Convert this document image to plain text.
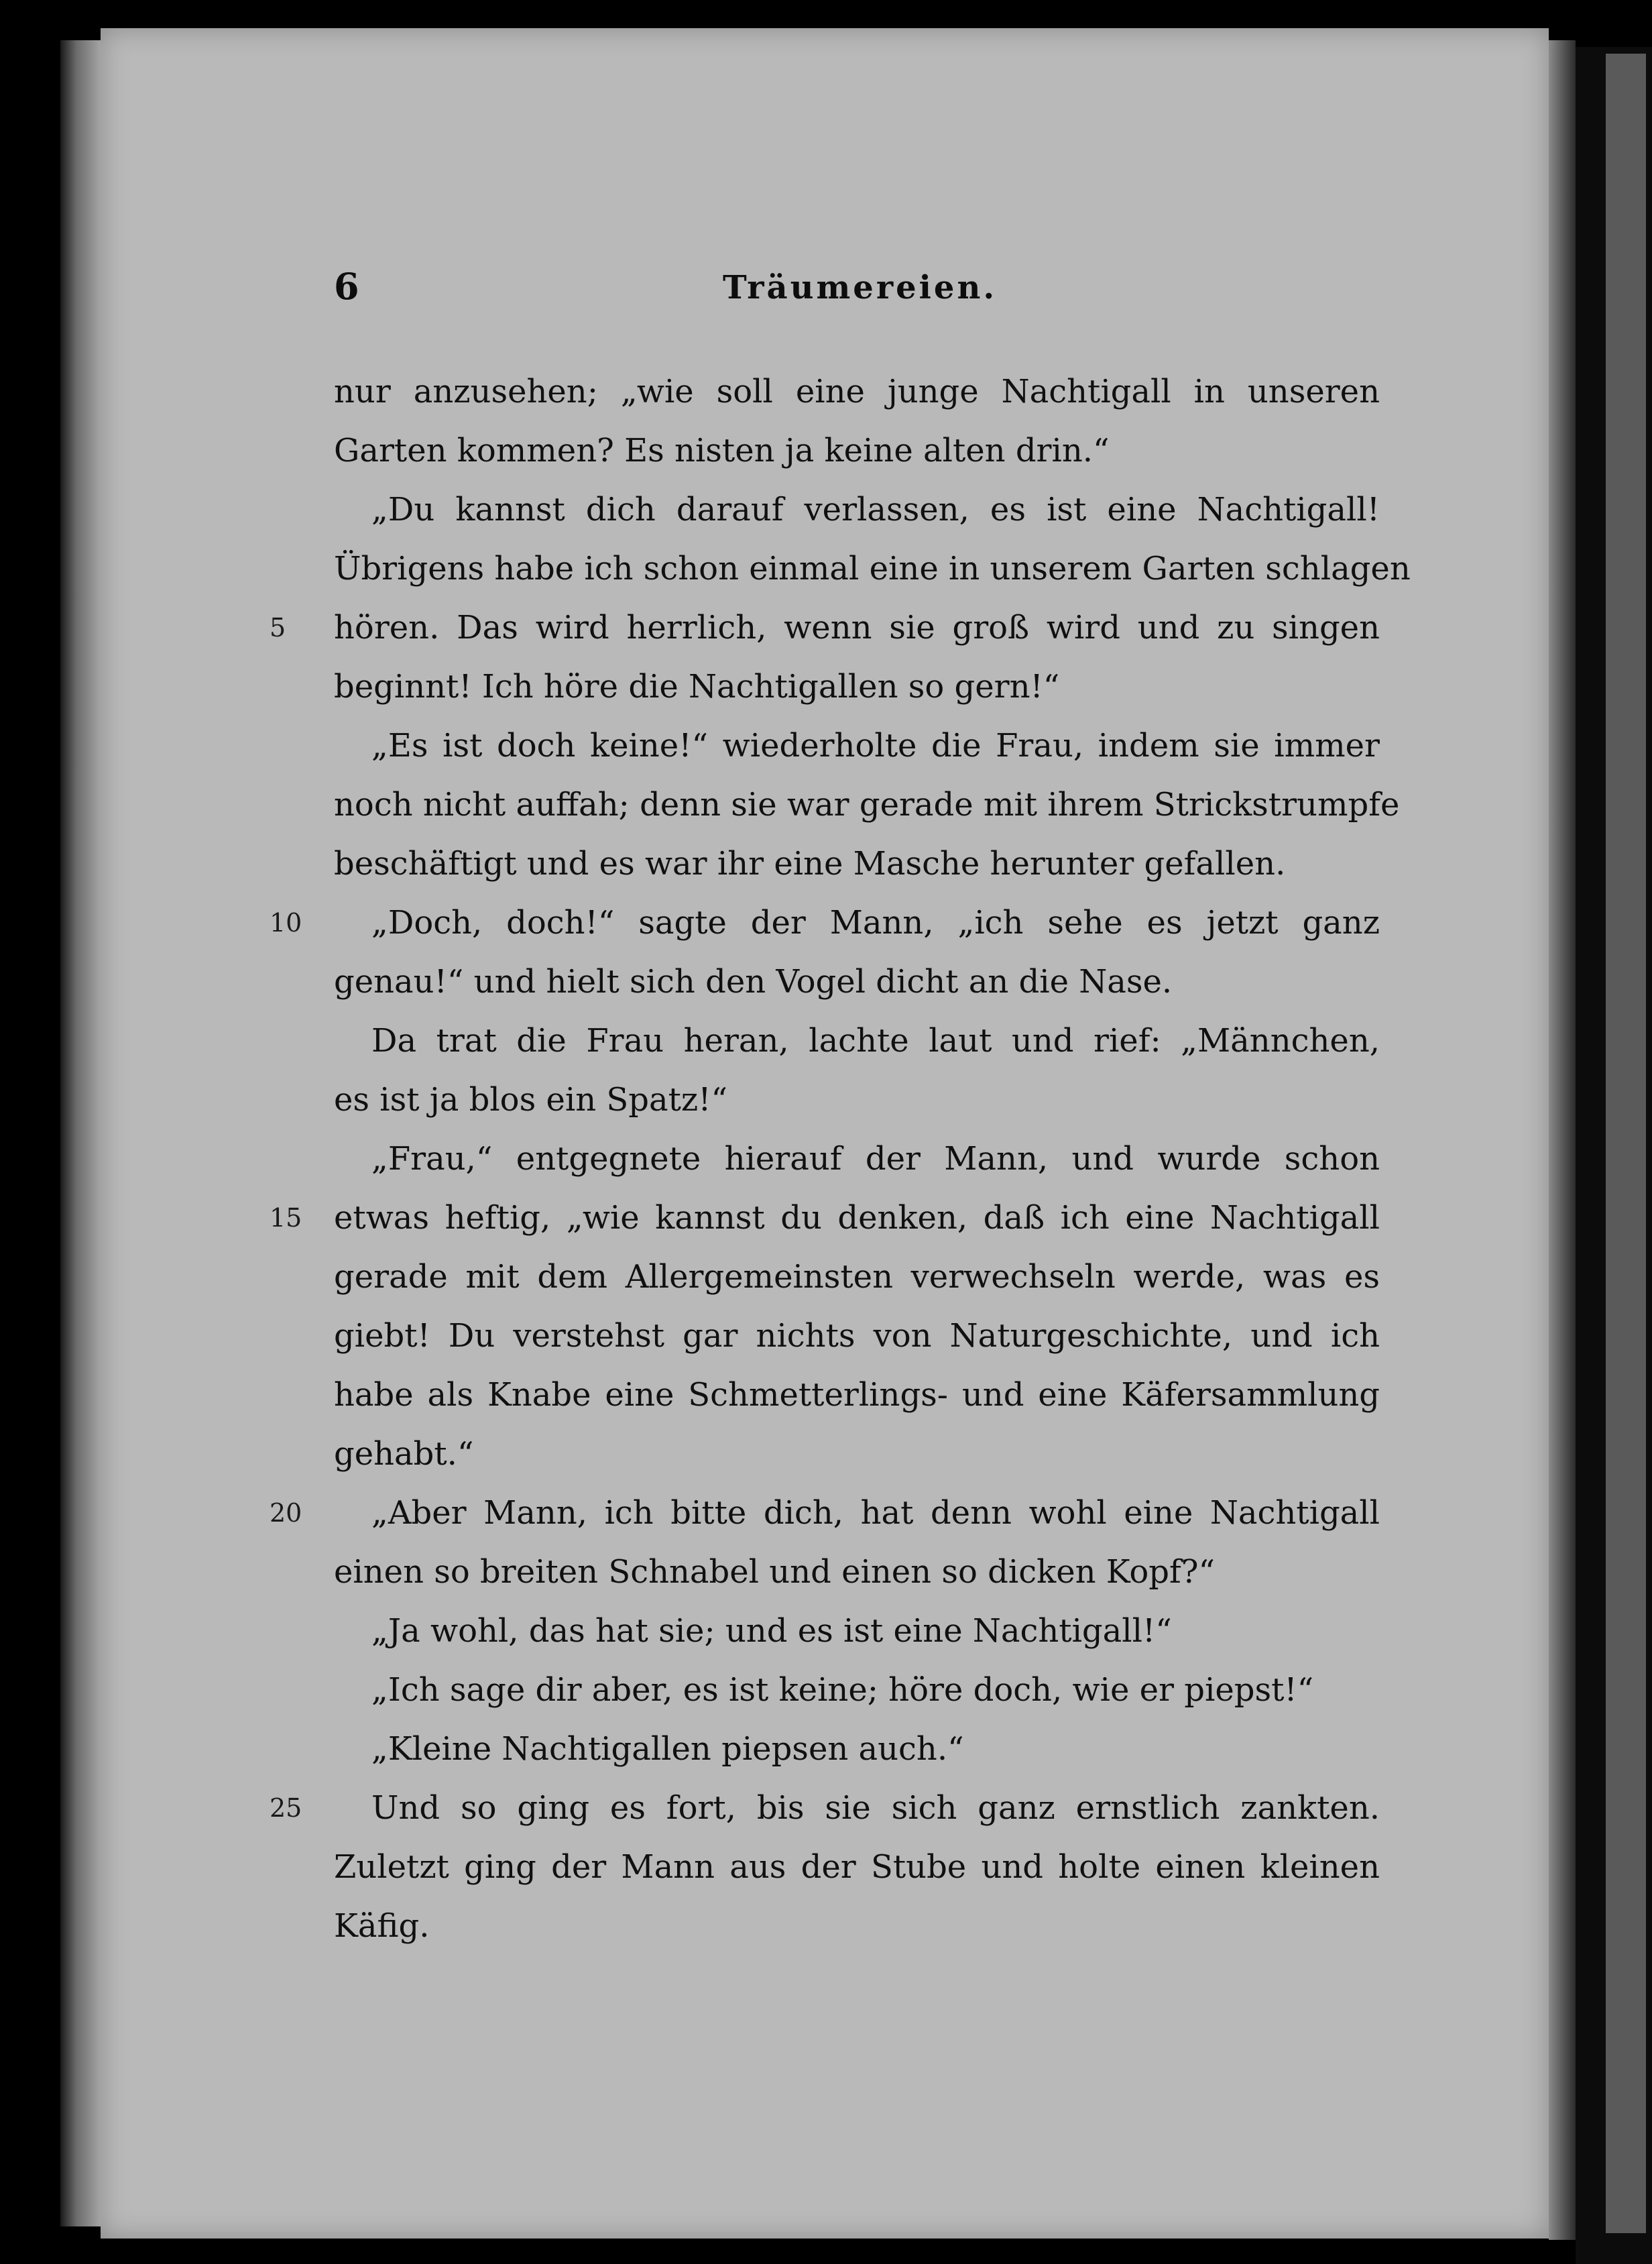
6	Träumereien.
nur anzusehen; „wie soll eine junge Nachtigall in unseren
Garten kommen? Es nisten ja keine alten drin.“
„Du kannst dich darauf verlassen, es ist eine Nachtigall!
Übrigens habe ich schon einmal eine in unserem Garten schlagen
5 hören. Das wird herrlich, wenn sie groß wird und zu singen
beginnt! Ich höre die Nachtigallen so gern!“
„Es ist doch keine!“ wiederholte die Frau, indem sie immer
noch nicht auffah; denn sie war gerade mit ihrem Strickstrumpfe
beschäftigt und es war ihr eine Masche herunter gefallen.
10 „Doch, doch!“ sagte der Mann, „ich sehe es jetzt ganz
genau!“ und hielt sich den Vogel dicht an die Nase.
Da trat die Frau heran, lachte laut und rief: „Männchen,
es ist ja blos ein Spatz!“
„Frau,“ entgegnete hierauf der Mann, und wurde schon
15 etwas heftig, „wie kannst du denken, daß ich eine Nachtigall
gerade mit dem Allergemeinsten verwechseln werde, was es
giebt! Du verstehst gar nichts von Naturgeschichte, und ich
habe als Knabe eine Schmetterlings- und eine Käfersammlung
gehabt.“
20 „Aber Mann, ich bitte dich, hat denn wohl eine Nachtigall
einen so breiten Schnabel und einen so dicken Kopf?“
„Ja wohl, das hat sie; und es ist eine Nachtigall!“
„Ich sage dir aber, es ist keine; höre doch, wie er piepst!“
„Kleine Nachtigallen piepsen auch.“
25 Und so ging es fort, bis sie sich ganz ernstlich zankten.
Zuletzt ging der Mann aus der Stube und holte einen kleinen
Käfig.
